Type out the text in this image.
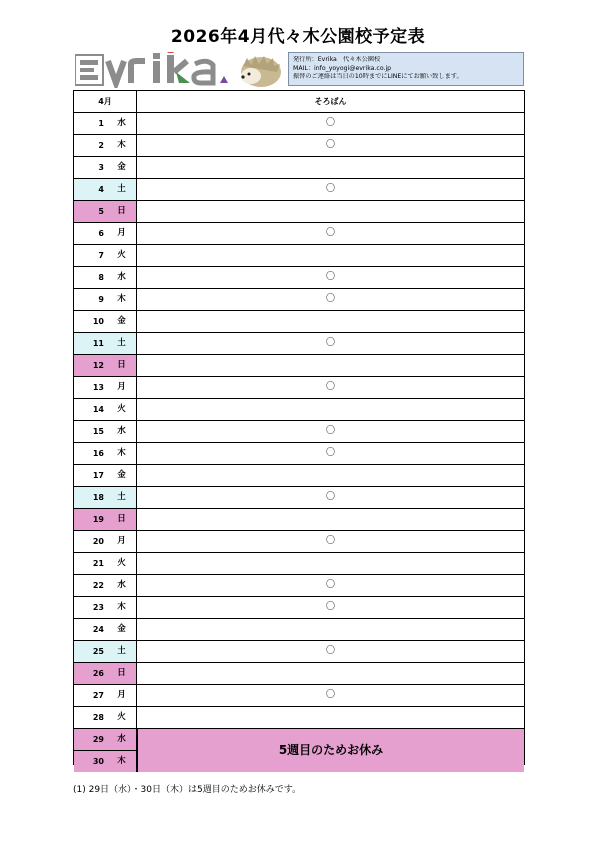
2026年4月代々木公園校予定表
発行所：Evrika　代々木公園校
MAIL：info_yoyogi@evrika.co.jp
振替のご連絡は当日の10時までにLINEにてお願い致します。
4月	そろばん
1	水	〇
2	木	〇
3	金
4	土	〇
5	日
6	月	〇
7	火
8	水	〇
9	木	〇
10	金
11	土	〇
12	日
13	月	〇
14	火
15	水	〇
16	木	〇
17	金
18	土	〇
19	日
20	月	〇
21	火
22	水	〇
23	木	〇
24	金
25	土	〇
26	日
27	月	〇
28	火
29	水
30	木
5週目のためお休み
(1) 29日（水）・30日（木）は5週目のためお休みです。
